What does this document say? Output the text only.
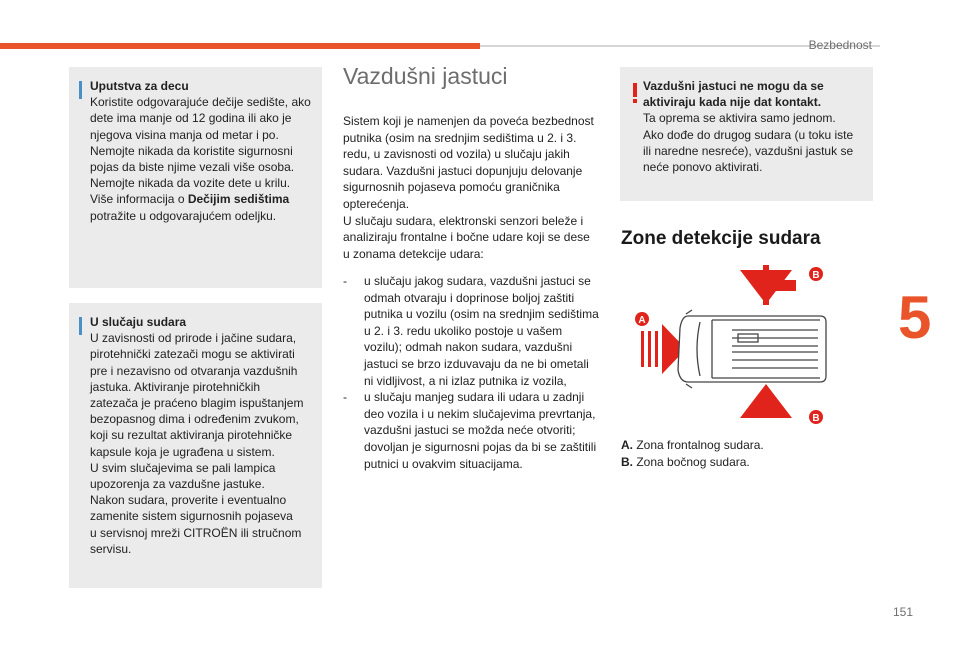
Bezbednost
5
151
Uputstva za decu
Koristite odgovarajuće dečije sedište, ako
dete ima manje od 12 godina ili ako je
njegova visina manja od metar i po.
Nemojte nikada da koristite sigurnosni
pojas da biste njime vezali više osoba.
Nemojte nikada da vozite dete u krilu.
Više informacija o Dečijim sedištima
potražite u odgovarajućem odeljku.
U slučaju sudara
U zavisnosti od prirode i jačine sudara,
pirotehnički zatezači mogu se aktivirati
pre i nezavisno od otvaranja vazdušnih
jastuka. Aktiviranje pirotehničkih
zatezača je praćeno blagim ispuštanjem
bezopasnog dima i određenim zvukom,
koji su rezultat aktiviranja pirotehničke
kapsule koja je ugrađena u sistem.
U svim slučajevima se pali lampica
upozorenja za vazdušne jastuke.
Nakon sudara, proverite i eventualno
zamenite sistem sigurnosnih pojaseva
u servisnoj mreži CITROËN ili stručnom
servisu.
Vazdušni jastuci
Sistem koji je namenjen da poveća bezbednost
putnika (osim na srednjim sedištima u 2. i 3.
redu, u zavisnosti od vozila) u slučaju jakih
sudara. Vazdušni jastuci dopunjuju delovanje
sigurnosnih pojaseva pomoću graničnika
opterećenja.
U slučaju sudara, elektronski senzori beleže i
analiziraju frontalne i bočne udare koji se dese
u zonama detekcije udara:
- u slučaju jakog sudara, vazdušni jastuci se
odmah otvaraju i doprinose boljoj zaštiti
putnika u vozilu (osim na srednjim sedištima
u 2. i 3. redu ukoliko postoje u vašem
vozilu); odmah nakon sudara, vazdušni
jastuci se brzo izduvavaju da ne bi ometali
ni vidljivost, a ni izlaz putnika iz vozila,
- u slučaju manjeg sudara ili udara u zadnji
deo vozila i u nekim slučajevima prevrtanja,
vazdušni jastuci se možda neće otvoriti;
dovoljan je sigurnosni pojas da bi se zaštitili
putnici u ovakvim situacijama.
Vazdušni jastuci ne mogu da se
aktiviraju kada nije dat kontakt.
Ta oprema se aktivira samo jednom.
Ako dođe do drugog sudara (u toku iste
ili naredne nesreće), vazdušni jastuk se
neće ponovo aktivirati.
Zone detekcije sudara
B
A
B
A. Zona frontalnog sudara.
B. Zona bočnog sudara.
